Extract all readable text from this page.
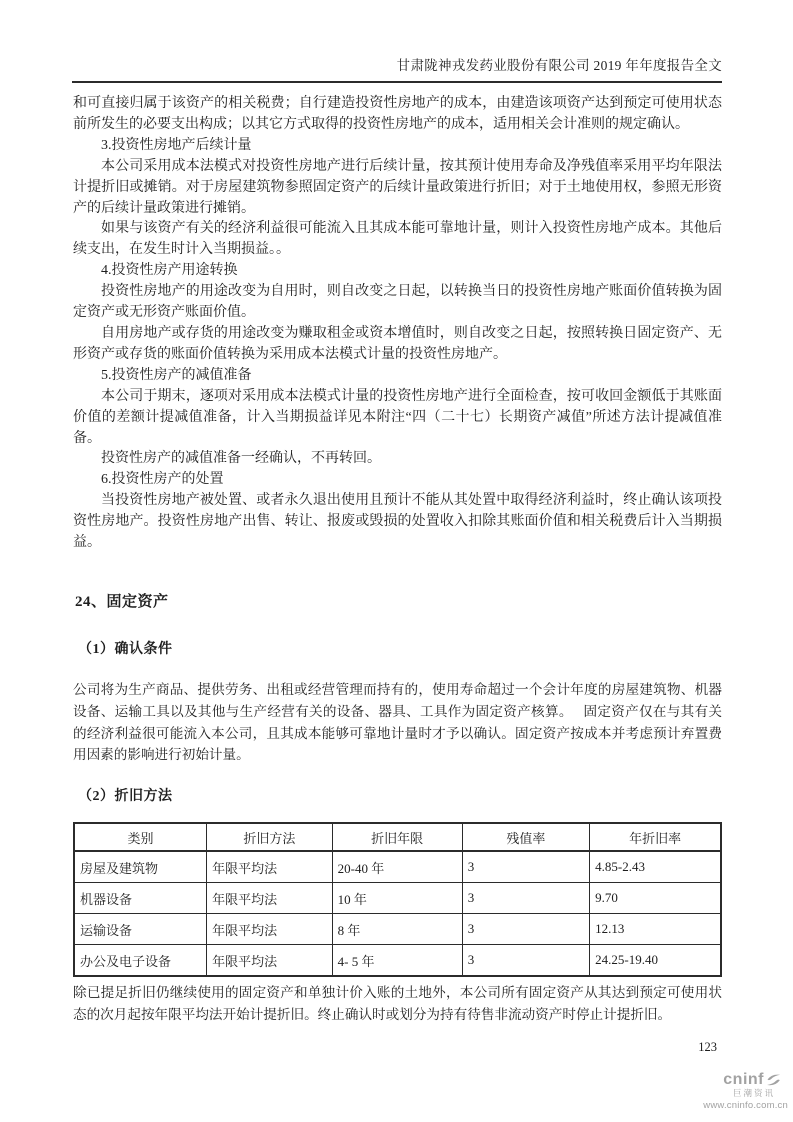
甘肃陇神戎发药业股份有限公司 2019 年年度报告全文

和可直接归属于该资产的相关税费；自行建造投资性房地产的成本，由建造该项资产达到预定可使用状态前所发生的必要支出构成；以其它方式取得的投资性房地产的成本，适用相关会计准则的规定确认。

3.投资性房地产后续计量

本公司采用成本法模式对投资性房地产进行后续计量，按其预计使用寿命及净残值率采用平均年限法计提折旧或摊销。对于房屋建筑物参照固定资产的后续计量政策进行折旧；对于土地使用权，参照无形资产的后续计量政策进行摊销。

如果与该资产有关的经济利益很可能流入且其成本能可靠地计量，则计入投资性房地产成本。其他后续支出，在发生时计入当期损益。。

4.投资性房产用途转换

投资性房地产的用途改变为自用时，则自改变之日起，以转换当日的投资性房地产账面价值转换为固定资产或无形资产账面价值。

自用房地产或存货的用途改变为赚取租金或资本增值时，则自改变之日起，按照转换日固定资产、无形资产或存货的账面价值转换为采用成本法模式计量的投资性房地产。

5.投资性房产的减值准备

本公司于期末，逐项对采用成本法模式计量的投资性房地产进行全面检查，按可收回金额低于其账面价值的差额计提减值准备，计入当期损益详见本附注“四（二十七）长期资产减值”所述方法计提减值准备。

投资性房产的减值准备一经确认，不再转回。

6.投资性房产的处置

当投资性房地产被处置、或者永久退出使用且预计不能从其处置中取得经济利益时，终止确认该项投资性房地产。投资性房地产出售、转让、报废或毁损的处置收入扣除其账面价值和相关税费后计入当期损益。

24、固定资产
（1）确认条件

公司将为生产商品、提供劳务、出租或经营管理而持有的，使用寿命超过一个会计年度的房屋建筑物、机器设备、运输工具以及其他与生产经营有关的设备、器具、工具作为固定资产核算。　 固定资产仅在与其有关的经济利益很可能流入本公司，且其成本能够可靠地计量时才予以确认。固定资产按成本并考虑预计弃置费用因素的影响进行初始计量。

（2）折旧方法
类别	折旧方法	折旧年限	残值率	年折旧率
房屋及建筑物	年限平均法	20-40 年	3	4.85-2.43
机器设备	年限平均法	10 年	3	9.70
运输设备	年限平均法	8 年	3	12.13
办公及电子设备	年限平均法	4- 5 年	3	24.25-19.40

除已提足折旧仍继续使用的固定资产和单独计价入账的土地外，本公司所有固定资产从其达到预定可使用状态的次月起按年限平均法开始计提折旧。终止确认时或划分为持有待售非流动资产时停止计提折旧。

123
cninf
巨潮资讯
www.cninfo.com.cn
